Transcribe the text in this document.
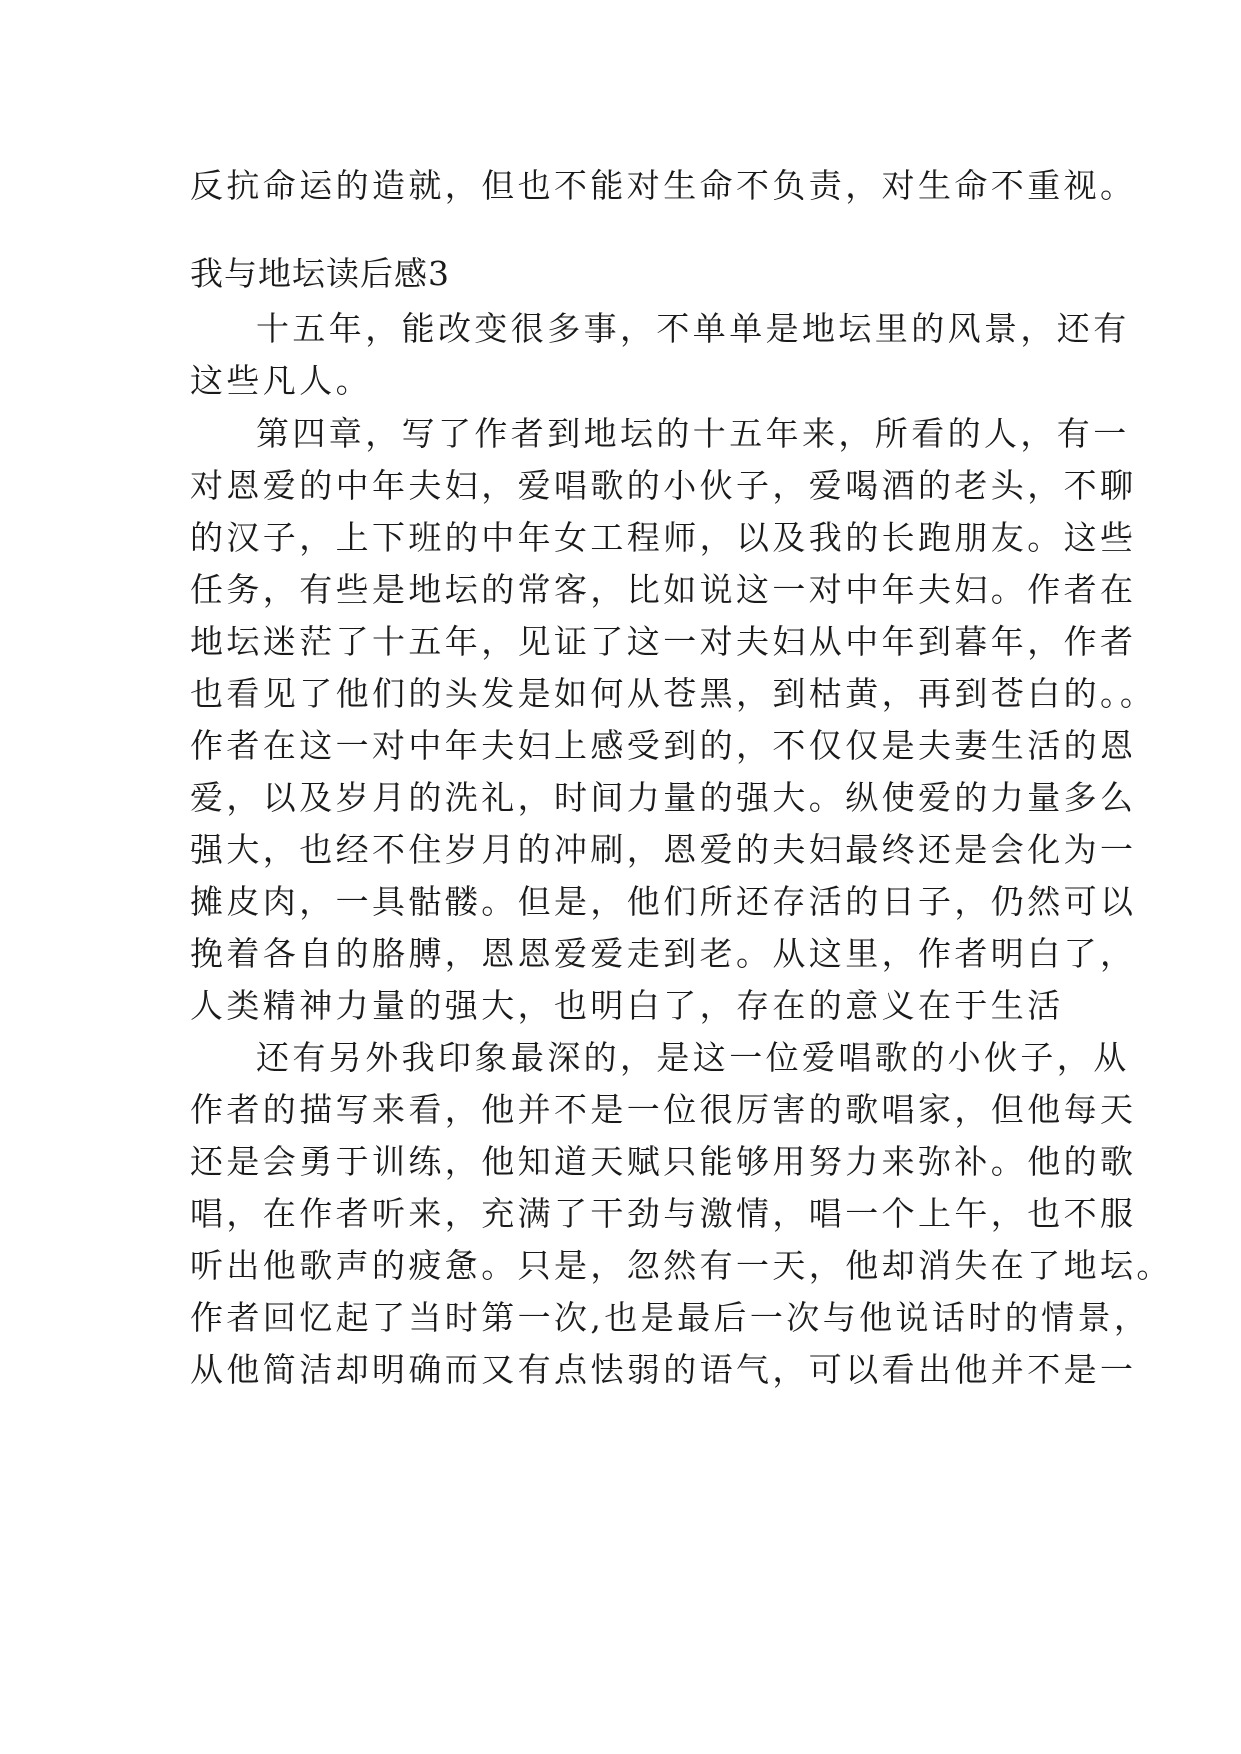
反抗命运的造就，但也不能对生命不负责，对生命不重视。
我与地坛读后感3
十五年，能改变很多事，不单单是地坛里的风景，还有
这些凡人。
第四章，写了作者到地坛的十五年来，所看的人，有一
对恩爱的中年夫妇，爱唱歌的小伙子，爱喝酒的老头，不聊
的汉子，上下班的中年女工程师，以及我的长跑朋友。这些
任务，有些是地坛的常客，比如说这一对中年夫妇。作者在
地坛迷茫了十五年，见证了这一对夫妇从中年到暮年，作者
也看见了他们的头发是如何从苍黑，到枯黄，再到苍白的。。
作者在这一对中年夫妇上感受到的，不仅仅是夫妻生活的恩
爱，以及岁月的洗礼，时间力量的强大。纵使爱的力量多么
强大，也经不住岁月的冲刷，恩爱的夫妇最终还是会化为一
摊皮肉，一具骷髅。但是，他们所还存活的日子，仍然可以
挽着各自的胳膊，恩恩爱爱走到老。从这里，作者明白了，
人类精神力量的强大，也明白了，存在的意义在于生活
还有另外我印象最深的，是这一位爱唱歌的小伙子，从
作者的描写来看，他并不是一位很厉害的歌唱家，但他每天
还是会勇于训练，他知道天赋只能够用努力来弥补。他的歌
唱，在作者听来，充满了干劲与激情，唱一个上午，也不服
听出他歌声的疲惫。只是，忽然有一天，他却消失在了地坛。
作者回忆起了当时第一次,也是最后一次与他说话时的情景，
从他简洁却明确而又有点怯弱的语气，可以看出他并不是一
